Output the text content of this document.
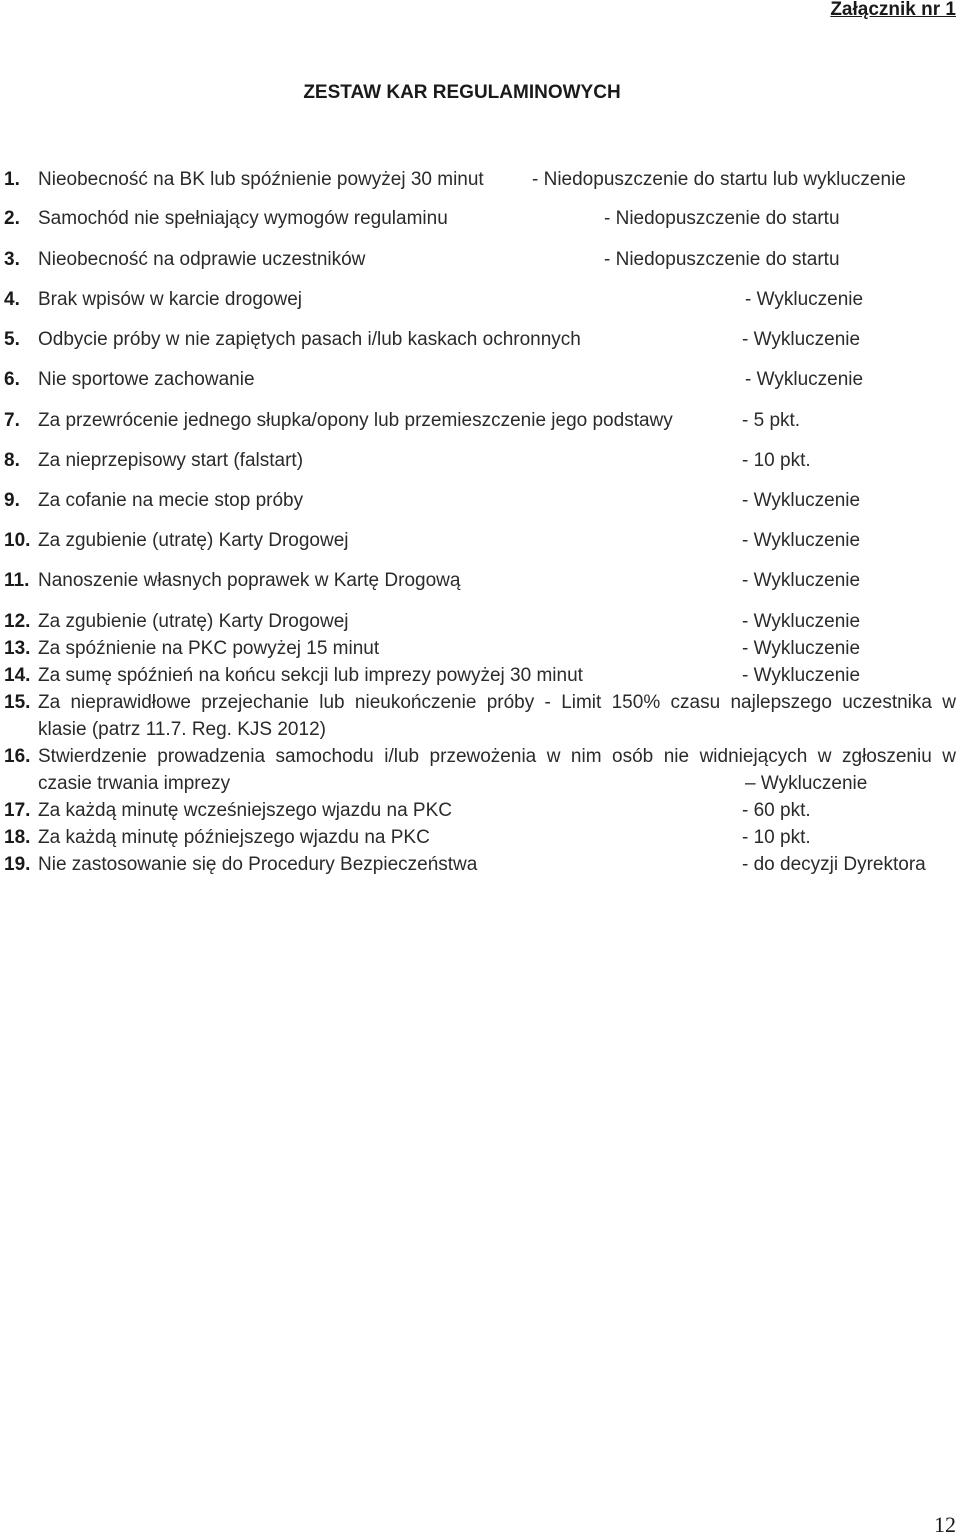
Załącznik nr 1
ZESTAW KAR REGULAMINOWYCH
1. Nieobecność na BK lub spóźnienie powyżej 30 minut	- Niedopuszczenie do startu lub wykluczenie
2. Samochód nie spełniający wymogów regulaminu	- Niedopuszczenie do startu
3. Nieobecność na odprawie uczestników	- Niedopuszczenie do startu
4. Brak wpisów w karcie drogowej	- Wykluczenie
5. Odbycie próby w nie zapiętych pasach i/lub kaskach ochronnych	- Wykluczenie
6. Nie sportowe zachowanie	- Wykluczenie
7. Za przewrócenie jednego słupka/opony lub przemieszczenie jego podstawy	- 5 pkt.
8. Za nieprzepisowy start (falstart)	- 10 pkt.
9. Za cofanie na mecie stop próby	- Wykluczenie
10. Za zgubienie (utratę) Karty Drogowej	- Wykluczenie
11. Nanoszenie własnych poprawek w Kartę Drogową	- Wykluczenie
12. Za zgubienie (utratę) Karty Drogowej	- Wykluczenie
13. Za spóźnienie na PKC powyżej 15 minut	- Wykluczenie
14. Za sumę spóźnień na końcu sekcji lub imprezy powyżej 30 minut	- Wykluczenie
15. Za nieprawidłowe przejechanie lub nieukończenie próby - Limit 150% czasu najlepszego uczestnika w
klasie (patrz 11.7. Reg. KJS 2012)
16. Stwierdzenie prowadzenia samochodu i/lub przewożenia w nim osób nie widniejących w zgłoszeniu w
czasie trwania imprezy	– Wykluczenie
17. Za każdą minutę wcześniejszego wjazdu na PKC	- 60 pkt.
18. Za każdą minutę późniejszego wjazdu na PKC	- 10 pkt.
19. Nie zastosowanie się do Procedury Bezpieczeństwa	- do decyzji Dyrektora
12
